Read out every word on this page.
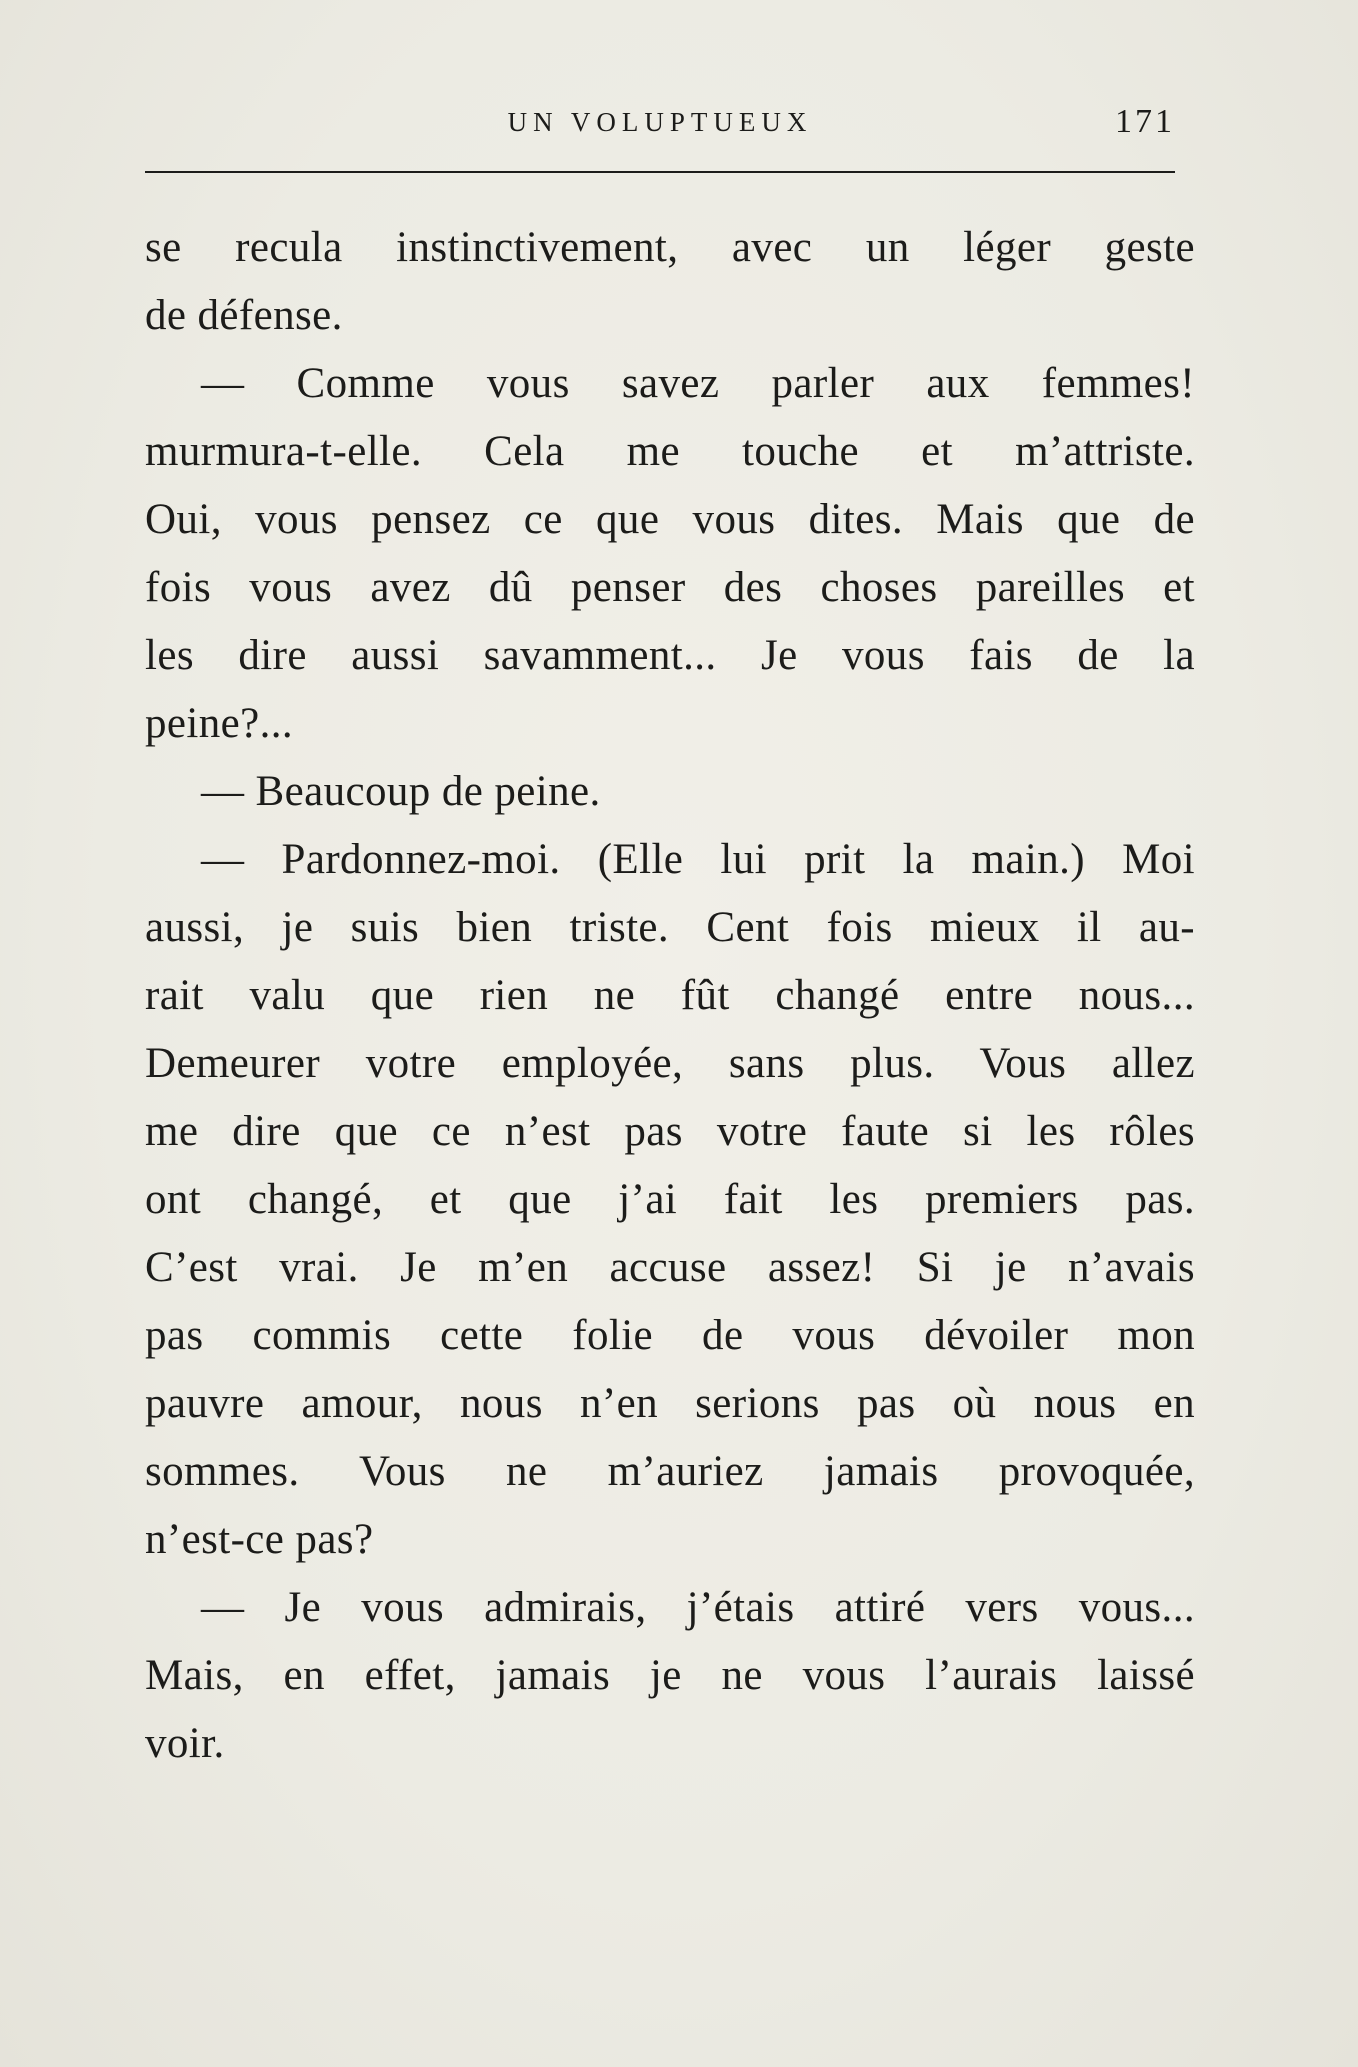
UN VOLUPTUEUX	171
se recula instinctivement, avec un léger geste
de défense.
— Comme vous savez parler aux femmes!
murmura-t-elle. Cela me touche et m’attriste.
Oui, vous pensez ce que vous dites. Mais que de
fois vous avez dû penser des choses pareilles et
les dire aussi savamment... Je vous fais de la
peine?...
— Beaucoup de peine.
— Pardonnez-moi. (Elle lui prit la main.) Moi
aussi, je suis bien triste. Cent fois mieux il au-
rait valu que rien ne fût changé entre nous...
Demeurer votre employée, sans plus. Vous allez
me dire que ce n’est pas votre faute si les rôles
ont changé, et que j’ai fait les premiers pas.
C’est vrai. Je m’en accuse assez! Si je n’avais
pas commis cette folie de vous dévoiler mon
pauvre amour, nous n’en serions pas où nous en
sommes. Vous ne m’auriez jamais provoquée,
n’est-ce pas?
— Je vous admirais, j’étais attiré vers vous...
Mais, en effet, jamais je ne vous l’aurais laissé
voir.
